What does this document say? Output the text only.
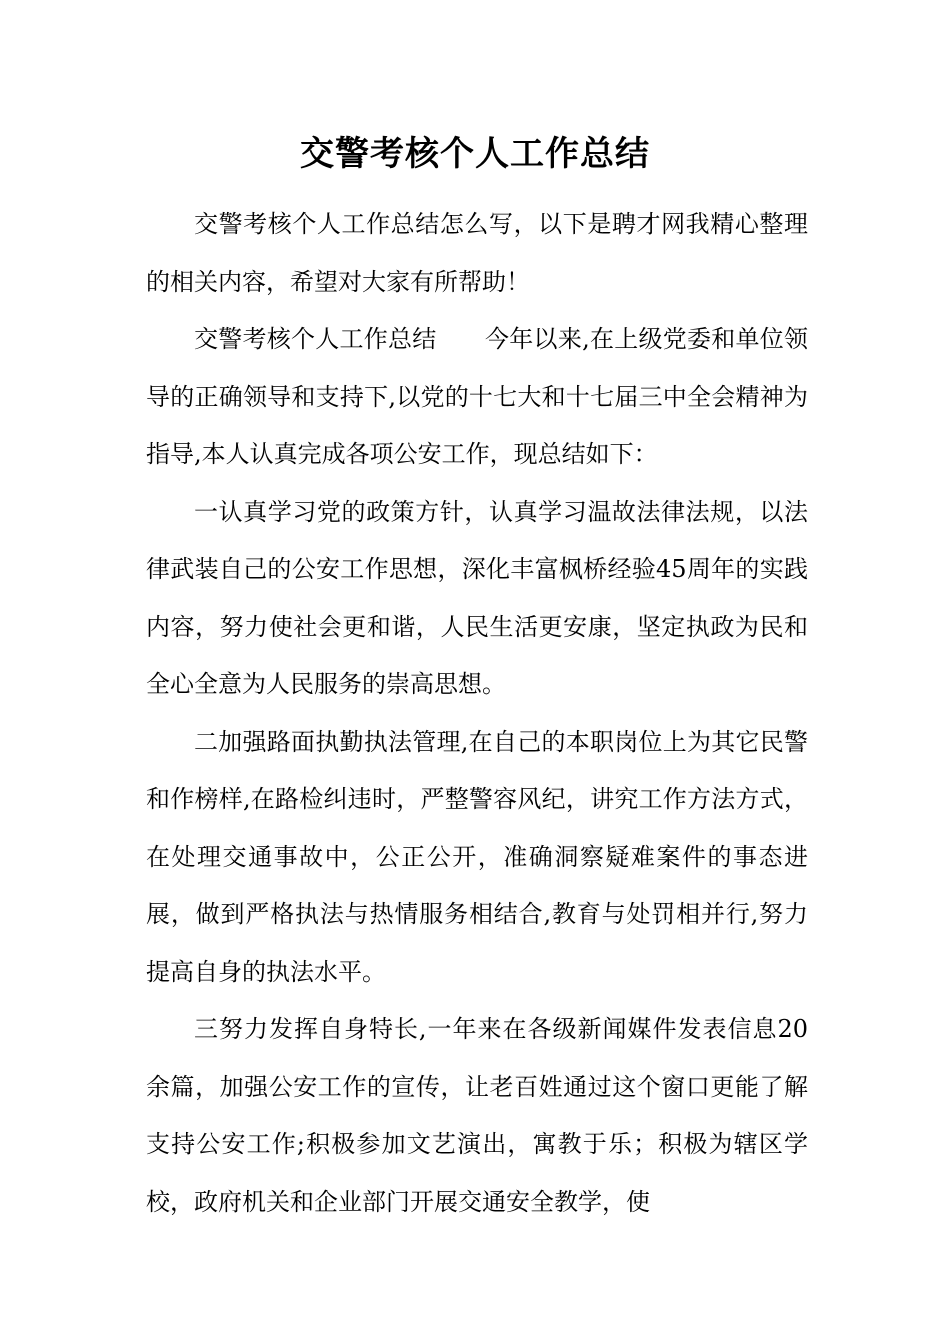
交警考核个人工作总结

交警考核个人工作总结怎么写，以下是聘才网我精心整理的相关内容，希望对大家有所帮助！

交警考核个人工作总结　　今年以来,在上级党委和单位领导的正确领导和支持下,以党的十七大和十七届三中全会精神为指导,本人认真完成各项公安工作，现总结如下：

一认真学习党的政策方针，认真学习温故法律法规，以法律武装自己的公安工作思想，深化丰富枫桥经验45周年的实践内容，努力使社会更和谐，人民生活更安康，坚定执政为民和全心全意为人民服务的崇高思想。

二加强路面执勤执法管理,在自己的本职岗位上为其它民警和作榜样,在路检纠违时，严整警容风纪，讲究工作方法方式，在处理交通事故中，公正公开，准确洞察疑难案件的事态进展，做到严格执法与热情服务相结合,教育与处罚相并行,努力提高自身的执法水平。

三努力发挥自身特长,一年来在各级新闻媒件发表信息20余篇，加强公安工作的宣传，让老百姓通过这个窗口更能了解支持公安工作;积极参加文艺演出，寓教于乐；积极为辖区学校，政府机关和企业部门开展交通安全教学，使
